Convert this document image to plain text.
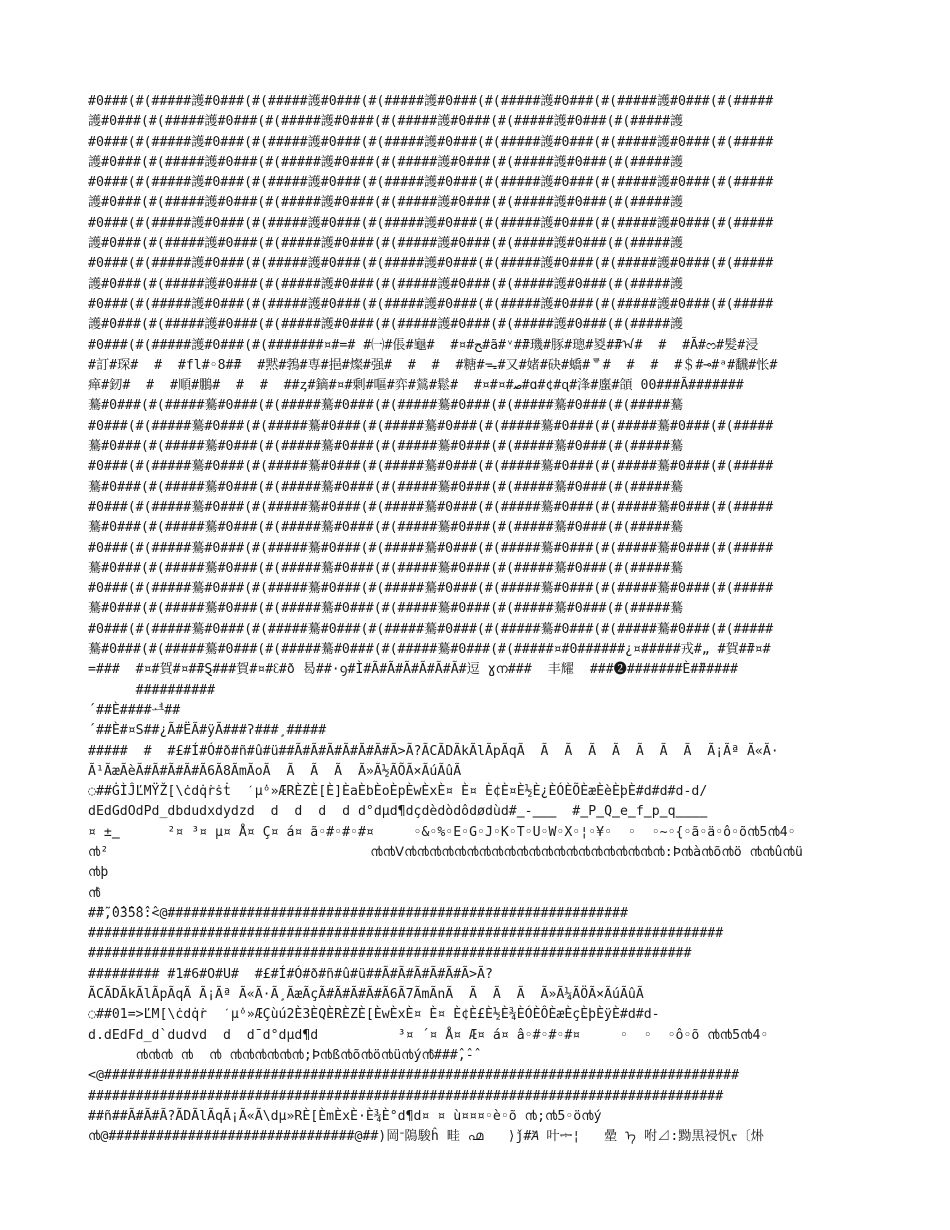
#0###(#(#####護#0###(#(#####護#0###(#(#####護#0###(#(#####護#0###(#(#####護#0###(#(#####
護#0###(#(#####護#0###(#(#####護#0###(#(#####護#0###(#(#####護#0###(#(#####護
#0###(#(#####護#0###(#(#####護#0###(#(#####護#0###(#(#####護#0###(#(#####護#0###(#(#####
護#0###(#(#####護#0###(#(#####護#0###(#(#####護#0###(#(#####護#0###(#(#####護
#0###(#(#####護#0###(#(#####護#0###(#(#####護#0###(#(#####護#0###(#(#####護#0###(#(#####
護#0###(#(#####護#0###(#(#####護#0###(#(#####護#0###(#(#####護#0###(#(#####護
#0###(#(#####護#0###(#(#####護#0###(#(#####護#0###(#(#####護#0###(#(#####護#0###(#(#####
護#0###(#(#####護#0###(#(#####護#0###(#(#####護#0###(#(#####護#0###(#(#####護
#0###(#(#####護#0###(#(#####護#0###(#(#####護#0###(#(#####護#0###(#(#####護#0###(#(#####
護#0###(#(#####護#0###(#(#####護#0###(#(#####護#0###(#(#####護#0###(#(#####護
#0###(#(#####護#0###(#(#####護#0###(#(#####護#0###(#(#####護#0###(#(#####護#0###(#(#####
護#0###(#(#####護#0###(#(#####護#0###(#(#####護#0###(#(#####護#0###(#(#####護
#0###(#(#####護#0###(#(#######¤#=# #㈠#倀#龜#  #¤#ﺢ#ã#ᵛ#̄#璣#豚#璁#㚇#̄#ᠠ#  #  #Ã#ᦂ#髪#浸
#訂#琛#  #  #fl#◦8#̄#  #黙#鵓#専#挹#燦#强#  #  #  #糖#ᯓ#又#媎#砄#蟜#ᄛ#  #  #  #＄#⊸#ᵃ#飜#怅#
瘅#釰#  #  #順#鵬#  #  #  ##ᶎ#鏑#¤#剰#嘔#弈#鶑#鬆#  #¤#¤#ﺻ#ɑ#¢#ɋ#浲#螷#頜 00###Ã#######
驀#0###(#(#####驀#0###(#(#####驀#0###(#(#####驀#0###(#(#####驀#0###(#(#####驀
#0###(#(#####驀#0###(#(#####驀#0###(#(#####驀#0###(#(#####驀#0###(#(#####驀#0###(#(#####
驀#0###(#(#####驀#0###(#(#####驀#0###(#(#####驀#0###(#(#####驀#0###(#(#####驀
#0###(#(#####驀#0###(#(#####驀#0###(#(#####驀#0###(#(#####驀#0###(#(#####驀#0###(#(#####
驀#0###(#(#####驀#0###(#(#####驀#0###(#(#####驀#0###(#(#####驀#0###(#(#####驀
#0###(#(#####驀#0###(#(#####驀#0###(#(#####驀#0###(#(#####驀#0###(#(#####驀#0###(#(#####
驀#0###(#(#####驀#0###(#(#####驀#0###(#(#####驀#0###(#(#####驀#0###(#(#####驀
#0###(#(#####驀#0###(#(#####驀#0###(#(#####驀#0###(#(#####驀#0###(#(#####驀#0###(#(#####
驀#0###(#(#####驀#0###(#(#####驀#0###(#(#####驀#0###(#(#####驀#0###(#(#####驀
#0###(#(#####驀#0###(#(#####驀#0###(#(#####驀#0###(#(#####驀#0###(#(#####驀#0###(#(#####
驀#0###(#(#####驀#0###(#(#####驀#0###(#(#####驀#0###(#(#####驀#0###(#(#####驀
#0###(#(#####驀#0###(#(#####驀#0###(#(#####驀#0###(#(#####驀#0###(#(#####驀#0###(#(#####
驀#0###(#(#####驀#0###(#(#####驀#0###(#(#####驀#0###(#(#####¤#0######¿¤#####戎#„ #賀#̄#¤#
=###  #¤#賀#¤#̄#Ȿ###賀#¤#ᦷ#ð 曷##·ꝯ#Ì#Ã#Ã#Ã#Ã#Ã#Ã#逗 ɣന###  丰耀  ###❷#######È#̃#####
##########
´##È####ᅽ##
´##È#¤S##¿Ã#ËÃ#ÿÃ###ʔ###¸#####
#####  #  #£#Í#Ó#ð#ñ#û#ü##Ã#Ã#Ã#Ã#Ã#Ã#Ã>Ã?ÃCÃDÃkÃlÃpÃqÃ  Ã  Ã  Ã  Ã  Ã  Ã  Ã  Ã¡Ãª Ã«Ã·
Ã¹ÃæÃèÃ#Ã#Ã#Ã#Ã6Ã8ÃmÃoÃ  Ã  Ã  Ã  Ã»Ã½ÃÕÃ×ÃúÃûÃ
◌##ĠÌĴĽMŸŽ[\ċdq̇ṙṡṫ  ˊµ̇ᵒ»ÆRÈZÈ[È]ÈaÈbÈoÈpÈwÈxÈ¤ È¤ È¢È¤È½È¿ÈÓÈÕÈæÈèÈþÈ#d#d#d-d/
dEdGdOdPd_dbdudxdydzd  d  d  d  d d°dµd¶dçdèdòdôdødùd#‗-‗‗‗  #‗P‗Q‗e‗f‗p‗q‗‗‗‗
¤ ±‗      ²¤ ³¤ µ¤ Å¤ Ç¤ á¤ ã◦#◦#◦#¤     ◦&◦%◦E◦G◦J◦K◦T◦U◦W◦X◦¦◦¥◦  ◦  ◦~◦{◦ã◦ä◦ô◦õ൯5൯4◦
൯²                                 ൯൯ⴸ൯൯൯൯൯൯൯൯൯൯൯൯൯൯൯൯൯൯൯൯൯:Þ൯à൯õ൯ö ൯൯û൯ü
൯þ
൯̂
#̃#̃,̂0̂3̂5̂8̂̂:̂<@##########################################################
################################################################################
############################################################################
######### #1#6#O#U#  #£#Í#Ó#ð#ñ#û#ü##Ã#Ã#Ã#Ã#Ã#Ã>Ã?
ÃCÃDÃkÃlÃpÃqÃ Ã¡Ãª Ã«Ã·Ã¸ÃæÃçÃ#Ã#Ã#Ã#Ã6Ã7ÃmÃnÃ  Ã  Ã  Ã  Ã»Ã¼ÃÖÃ×ÃúÃûÃ
◌##01=>ĽM[\ċdq̇ṙ  ˊµ̇ᵒ»ÆÇùú2È3ÈQÈRÈZÈ[ÈwÈxÈ¤ È¤ È¢È£È½È¾ÈÓÈÔÈæÈçÈþÈÿÈ#d#d-
d.dEdFd_d`dudvd  d  d¯d°dµd¶d          ³¤ ´¤ Å¤ Æ¤ á¤ â◦#◦#◦#¤     ◦  ◦  ◦ô◦õ ൯൯5൯4◦
൯൯൯ ൯  ൯ ൯൯൯൯൯൯;Þ൯ß൯õ൯ö൯ü൯ý൯̂###̂,̂-̂
<@################################################################################
################################################################################
##ñ##Ã#Ã#Ã?ÃDÃlÃqÃ¡Ã«Ã\dµ»RÈ[ÈmÈxÈ·È¾È°d¶d¤ ¤ ù¤¤¤◦è◦õ ൯;൯5◦ö൯ý
൯@###############################@##)岡ᐨ隝駿ĥ 畦 ൶   ⟩ǰ#Ꞻ 叶ᆃ¦   曐 ᡝ 咐⊿:黝黒祲忛ᡪ〔烞
